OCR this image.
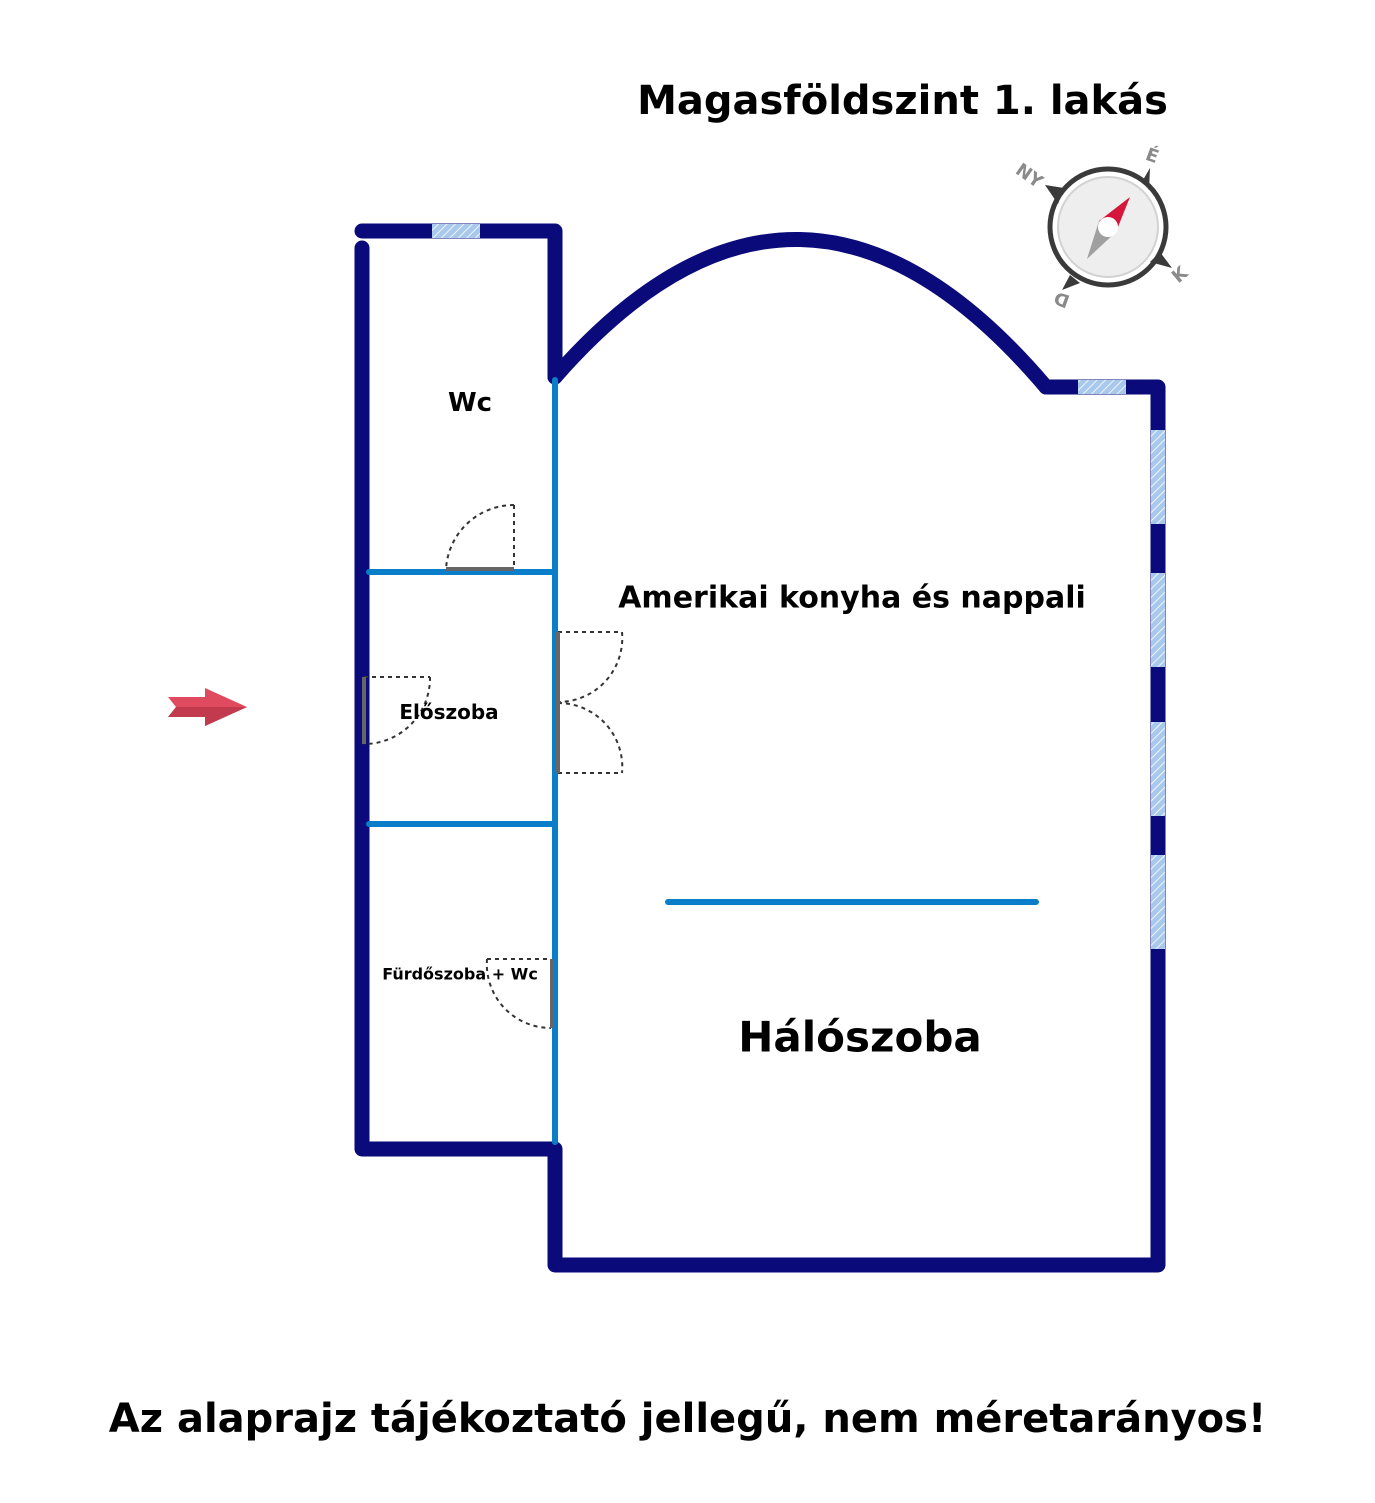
Magasföldszint 1. lakás
Wc
Amerikai konyha és nappali
Előszoba
Fürdőszoba + Wc
Hálószoba
NY
É
K
D
Az alaprajz tájékoztató jellegű, nem méretarányos!
